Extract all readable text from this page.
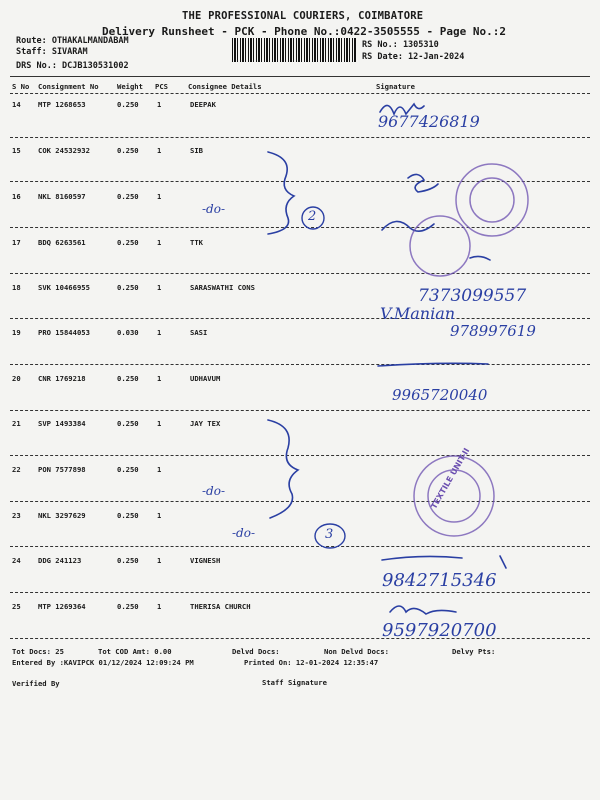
THE PROFESSIONAL COURIERS, COIMBATORE
Delivery Runsheet - PCK - Phone No.:0422-3505555 - Page No.:2
Route: OTHAKALMANDABAM
Staff: SIVARAM
DRS No.: DCJB130531002
RS No.: 1305310
RS Date: 12-Jan-2024
S No Consignment No	Weight PCS	Consignee Details	Signature
14 MTP 1268653	0.250	1	DEEPAK
15 COK 24532932	0.250	1	SIB
16 NKL 8160597	0.250	1
17 BDQ 6263561	0.250	1	TTK
18 SVK 10466955	0.250	1	SARASWATHI CONS
19 PRO 15844053	0.030	1	SASI
20 CNR 1769218	0.250	1	UDHAVUM
21 SVP 1493384	0.250	1	JAY TEX
22 PON 7577898	0.250	1
23 NKL 3297629	0.250	1
24 DDG 241123	0.250	1	VIGNESH
25 MTP 1269364	0.250	1	THERISA CHURCH
9677426819
-do-	2
7373099557
V.Manian
978997619
9965720040
-do-
-do-	3
9842715346
9597920700
TEXTILE UNIT-II
Tot Docs: 25	Tot COD Amt: 0.00	Delvd Docs:	Non Delvd Docs:	Delvy Pts:
Entered By :KAVIPCK 01/12/2024 12:09:24 PM	Printed On: 12-01-2024 12:35:47
Verified By	Staff Signature
